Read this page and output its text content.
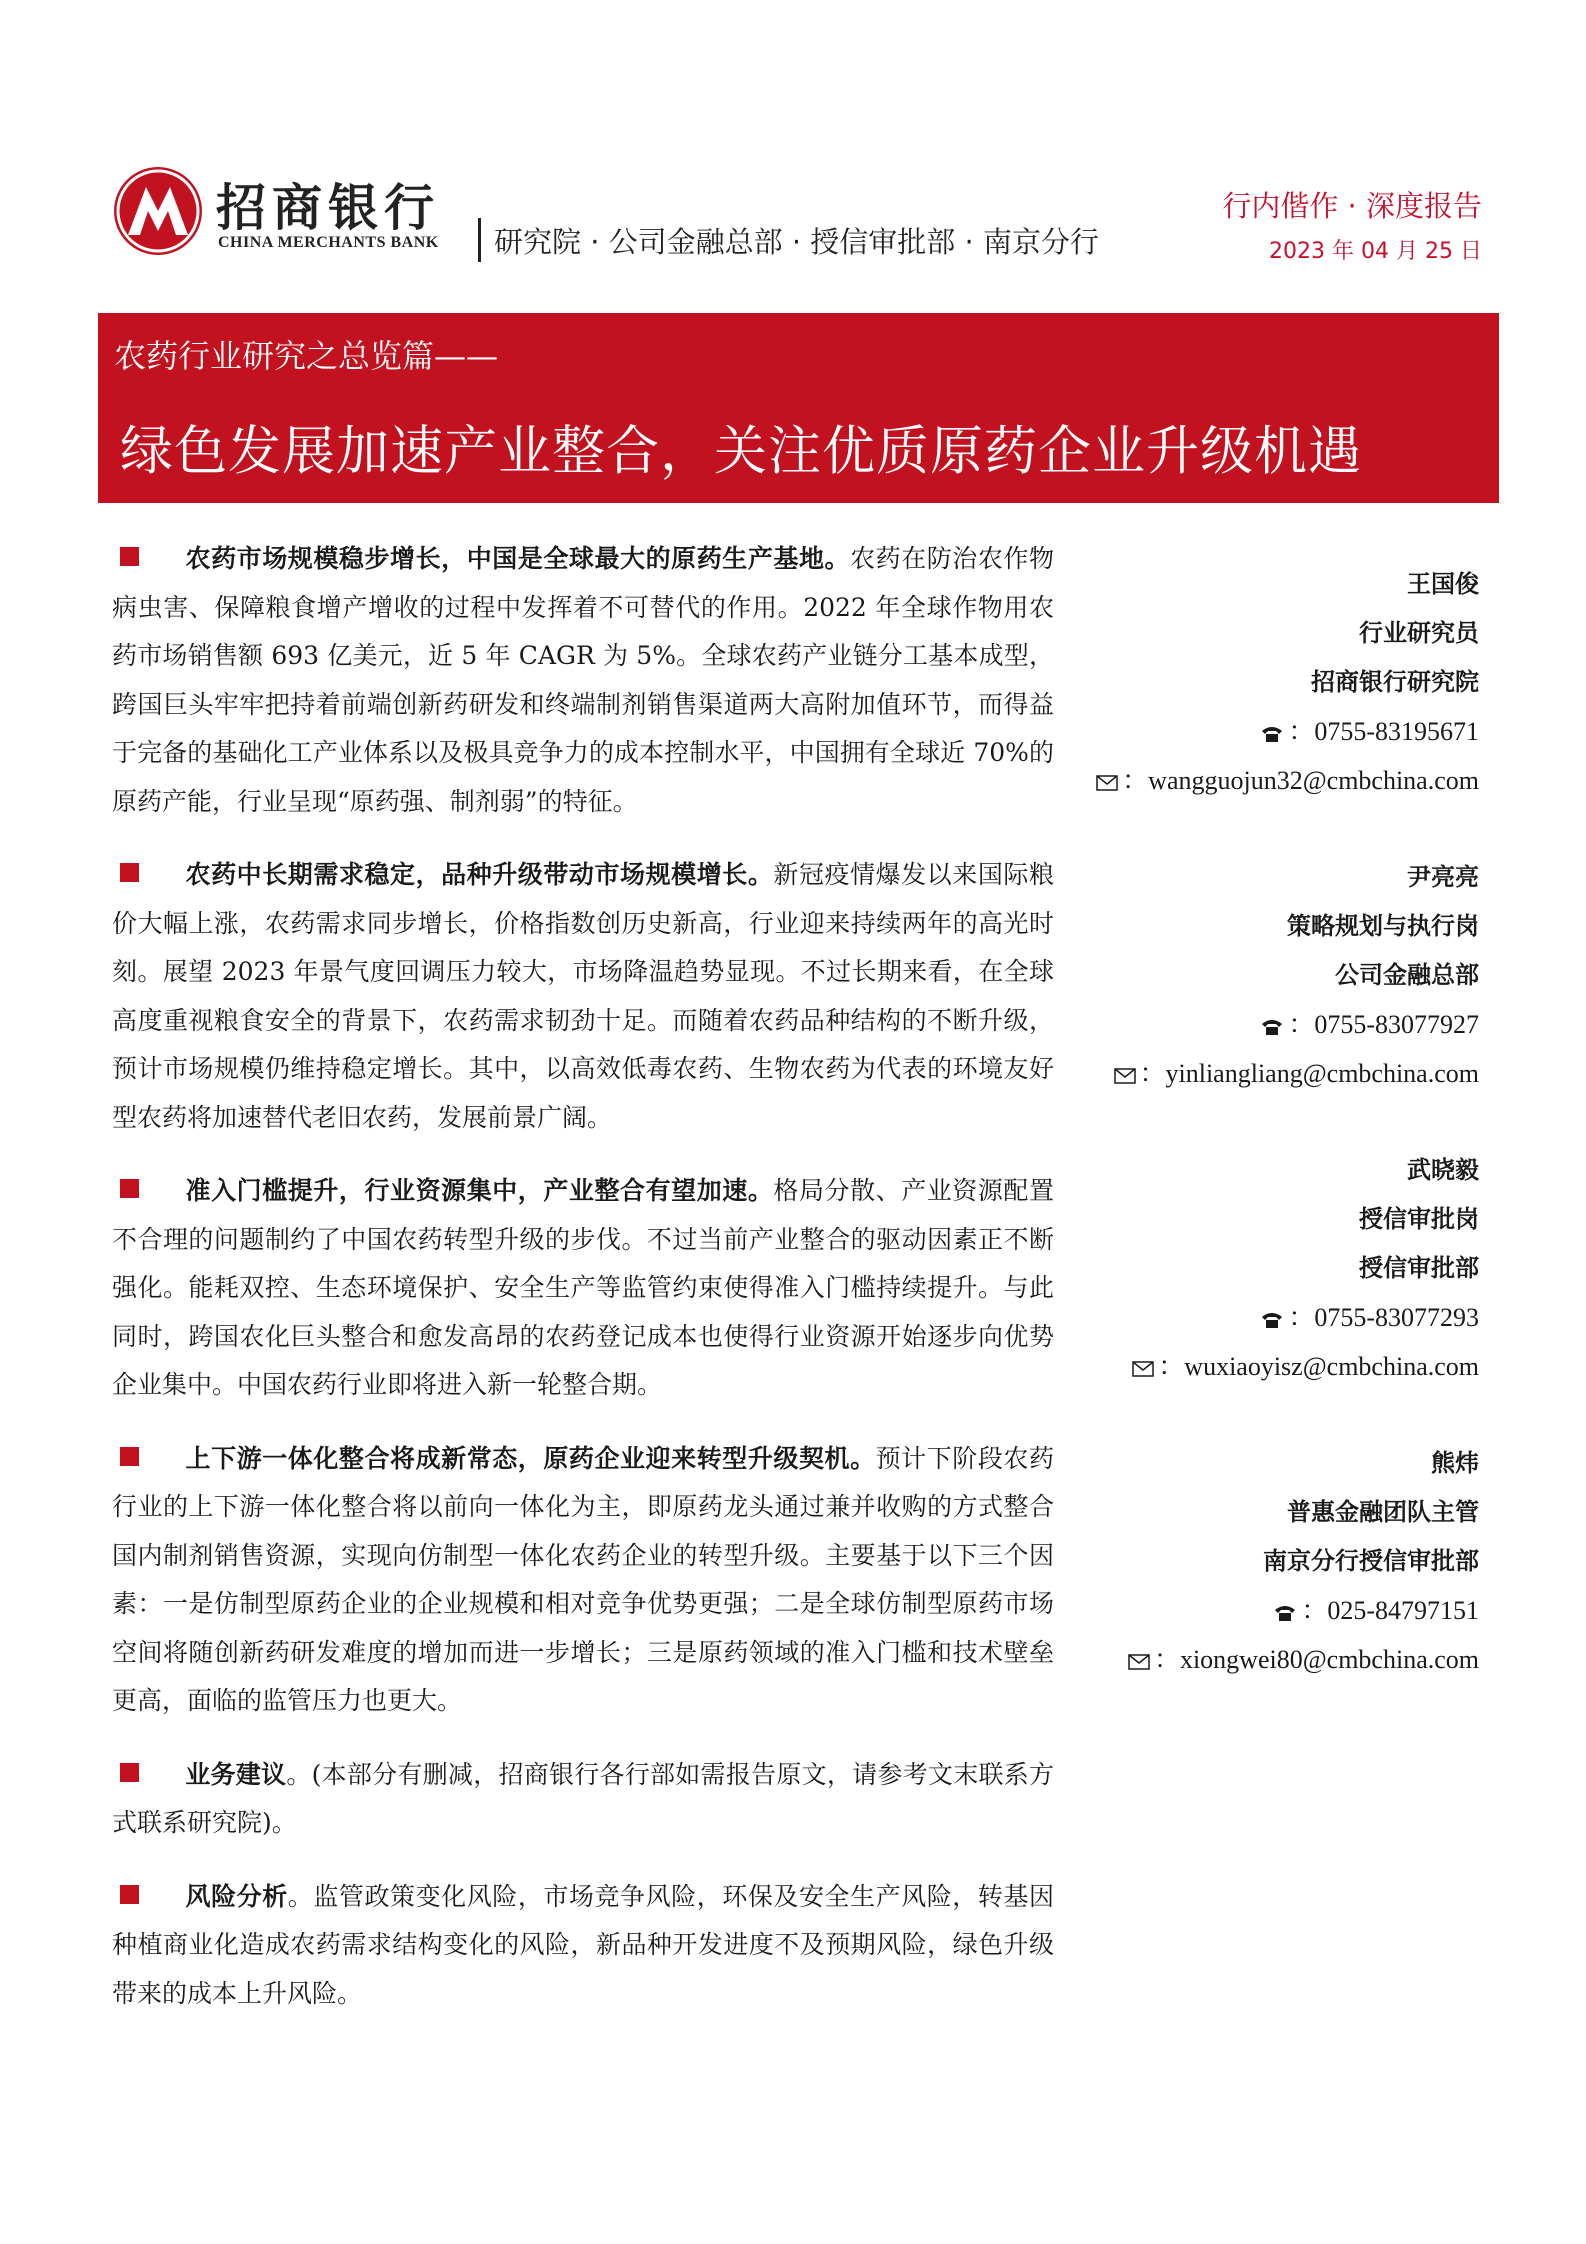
招商银行
CHINA MERCHANTS BANK 研究院 · 公司金融总部 · 授信审批部 · 南京分行
行内偕作 · 深度报告
2023 年 04 月 25 日
农药行业研究之总览篇——
绿色发展加速产业整合，关注优质原药企业升级机遇

农药市场规模稳步增长，中国是全球最大的原药生产基地。农药在防治农作物病虫害、保障粮食增产增收的过程中发挥着不可替代的作用。2022 年全球作物用农药市场销售额 693 亿美元，近 5 年 CAGR 为 5%。全球农药产业链分工基本成型，跨国巨头牢牢把持着前端创新药研发和终端制剂销售渠道两大高附加值环节，而得益于完备的基础化工产业体系以及极具竞争力的成本控制水平，中国拥有全球近 70%的原药产能，行业呈现“原药强、制剂弱”的特征。

农药中长期需求稳定，品种升级带动市场规模增长。新冠疫情爆发以来国际粮价大幅上涨，农药需求同步增长，价格指数创历史新高，行业迎来持续两年的高光时刻。展望 2023 年景气度回调压力较大，市场降温趋势显现。不过长期来看，在全球高度重视粮食安全的背景下，农药需求韧劲十足。而随着农药品种结构的不断升级，预计市场规模仍维持稳定增长。其中，以高效低毒农药、生物农药为代表的环境友好型农药将加速替代老旧农药，发展前景广阔。

准入门槛提升，行业资源集中，产业整合有望加速。格局分散、产业资源配置不合理的问题制约了中国农药转型升级的步伐。不过当前产业整合的驱动因素正不断强化。能耗双控、生态环境保护、安全生产等监管约束使得准入门槛持续提升。与此同时，跨国农化巨头整合和愈发高昂的农药登记成本也使得行业资源开始逐步向优势企业集中。中国农药行业即将进入新一轮整合期。

上下游一体化整合将成新常态，原药企业迎来转型升级契机。预计下阶段农药行业的上下游一体化整合将以前向一体化为主，即原药龙头通过兼并收购的方式整合国内制剂销售资源，实现向仿制型一体化农药企业的转型升级。主要基于以下三个因素：一是仿制型原药企业的企业规模和相对竞争优势更强；二是全球仿制型原药市场空间将随创新药研发难度的增加而进一步增长；三是原药领域的准入门槛和技术壁垒更高，面临的监管压力也更大。

业务建议。(本部分有删减，招商银行各行部如需报告原文，请参考文末联系方式联系研究院)。

风险分析。监管政策变化风险，市场竞争风险，环保及安全生产风险，转基因种植商业化造成农药需求结构变化的风险，新品种开发进度不及预期风险，绿色升级带来的成本上升风险。

王国俊
行业研究员
招商银行研究院
：0755-83195671
：wangguojun32@cmbchina.com
尹亮亮
策略规划与执行岗
公司金融总部
：0755-83077927
：yinliangliang@cmbchina.com
武晓毅
授信审批岗
授信审批部
：0755-83077293
：wuxiaoyisz@cmbchina.com
熊炜
普惠金融团队主管
南京分行授信审批部
：025-84797151
：xiongwei80@cmbchina.com
